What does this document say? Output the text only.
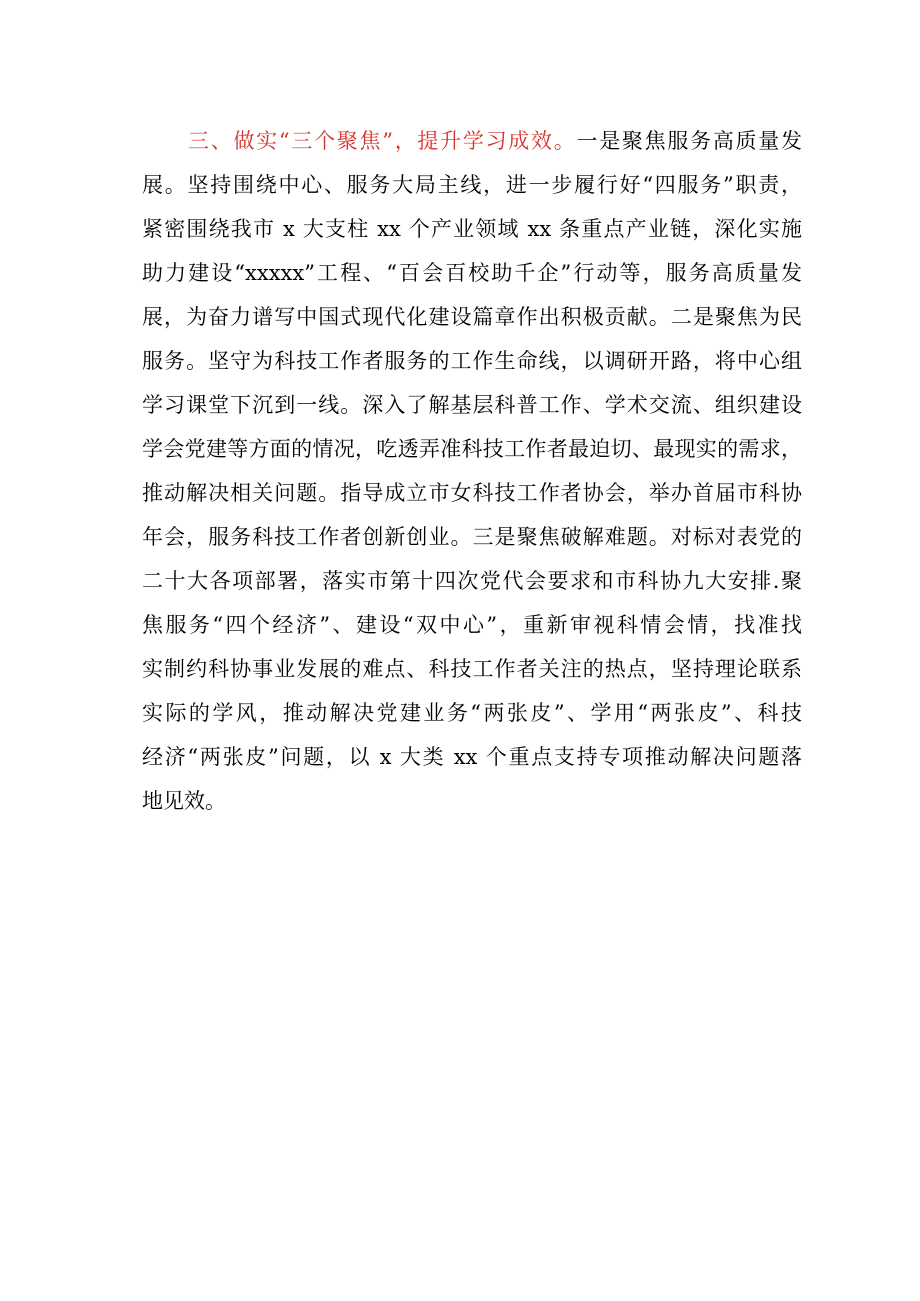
三、做实“三个聚焦”，提升学习成效。一是聚焦服务高质量发
展。坚持围绕中心、服务大局主线，进一步履行好“四服务”职责，
紧密围绕我市 x 大支柱 xx 个产业领域 xx 条重点产业链，深化实施
助力建设“xxxxx”工程、“百会百校助千企”行动等，服务高质量发
展，为奋力谱写中国式现代化建设篇章作出积极贡献。二是聚焦为民
服务。坚守为科技工作者服务的工作生命线，以调研开路，将中心组
学习课堂下沉到一线。深入了解基层科普工作、学术交流、组织建设
学会党建等方面的情况，吃透弄准科技工作者最迫切、最现实的需求，
推动解决相关问题。指导成立市女科技工作者协会，举办首届市科协
年会，服务科技工作者创新创业。三是聚焦破解难题。对标对表党的
二十大各项部署，落实市第十四次党代会要求和市科协九大安排.聚
焦服务“四个经济”、建设“双中心”，重新审视科情会情，找准找
实制约科协事业发展的难点、科技工作者关注的热点，坚持理论联系
实际的学风，推动解决党建业务“两张皮”、学用“两张皮”、科技
经济“两张皮”问题，以 x 大类 xx 个重点支持专项推动解决问题落
地见效。
